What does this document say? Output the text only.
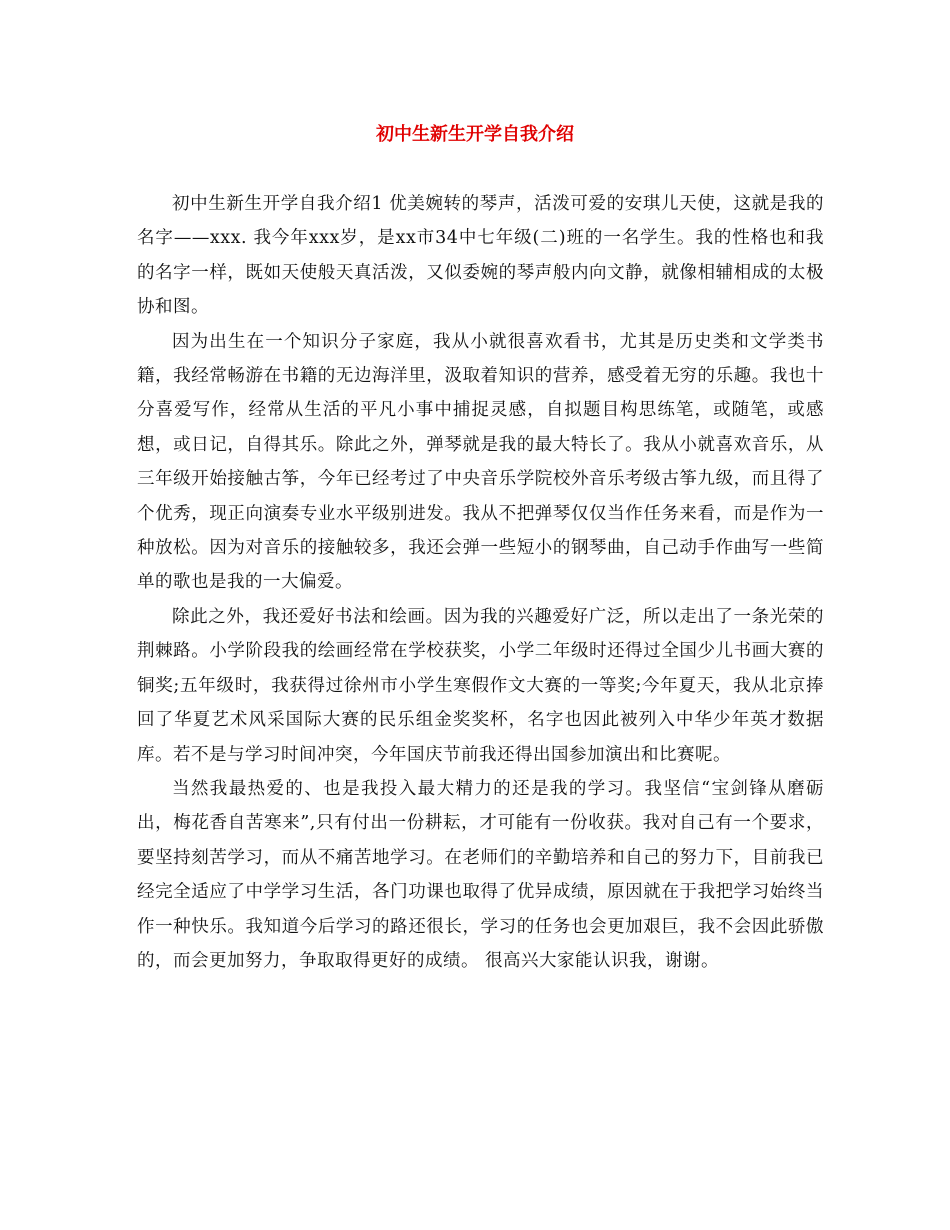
初中生新生开学自我介绍

初中生新生开学自我介绍1 优美婉转的琴声，活泼可爱的安琪儿天使，这就是我的名字——xxx. 我今年xxx岁，是xx市34中七年级(二)班的一名学生。我的性格也和我的名字一样，既如天使般天真活泼，又似委婉的琴声般内向文静，就像相辅相成的太极协和图。

因为出生在一个知识分子家庭，我从小就很喜欢看书，尤其是历史类和文学类书籍，我经常畅游在书籍的无边海洋里，汲取着知识的营养，感受着无穷的乐趣。我也十分喜爱写作，经常从生活的平凡小事中捕捉灵感，自拟题目构思练笔，或随笔，或感想，或日记，自得其乐。除此之外，弹琴就是我的最大特长了。我从小就喜欢音乐，从三年级开始接触古筝，今年已经考过了中央音乐学院校外音乐考级古筝九级，而且得了个优秀，现正向演奏专业水平级别进发。我从不把弹琴仅仅当作任务来看，而是作为一种放松。因为对音乐的接触较多，我还会弹一些短小的钢琴曲，自己动手作曲写一些简单的歌也是我的一大偏爱。

除此之外，我还爱好书法和绘画。因为我的兴趣爱好广泛，所以走出了一条光荣的荆棘路。小学阶段我的绘画经常在学校获奖，小学二年级时还得过全国少儿书画大赛的铜奖;五年级时，我获得过徐州市小学生寒假作文大赛的一等奖;今年夏天，我从北京捧回了华夏艺术风采国际大赛的民乐组金奖奖杯，名字也因此被列入中华少年英才数据库。若不是与学习时间冲突，今年国庆节前我还得出国参加演出和比赛呢。

当然我最热爱的、也是我投入最大精力的还是我的学习。我坚信“宝剑锋从磨砺出，梅花香自苦寒来”,只有付出一份耕耘，才可能有一份收获。我对自己有一个要求，要坚持刻苦学习，而从不痛苦地学习。在老师们的辛勤培养和自己的努力下，目前我已经完全适应了中学学习生活，各门功课也取得了优异成绩，原因就在于我把学习始终当作一种快乐。我知道今后学习的路还很长，学习的任务也会更加艰巨，我不会因此骄傲的，而会更加努力，争取取得更好的成绩。 很高兴大家能认识我，谢谢。
